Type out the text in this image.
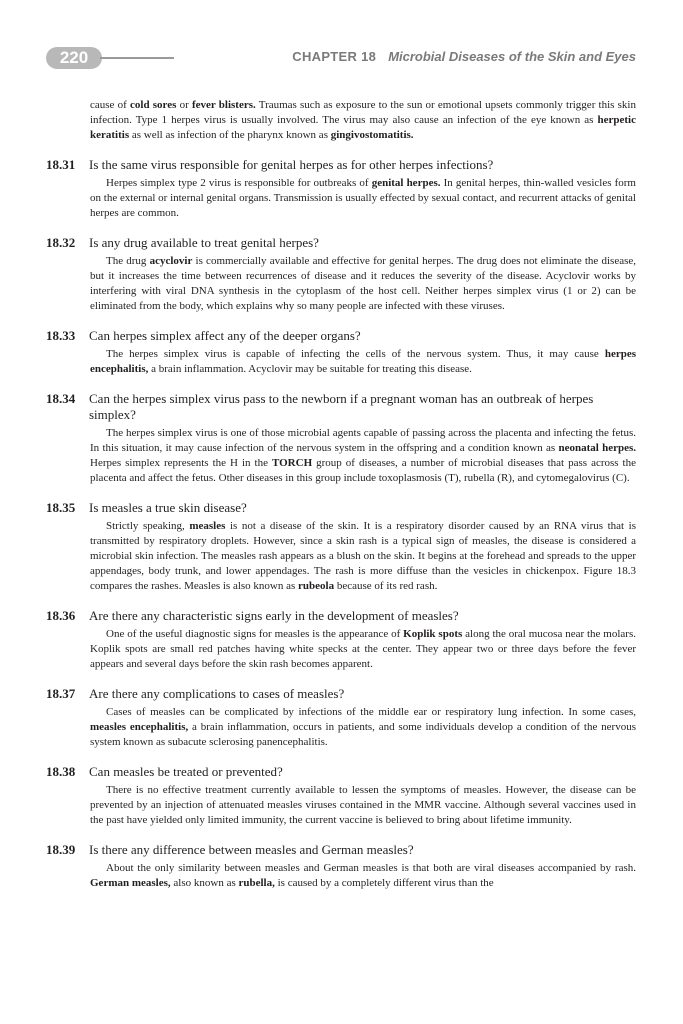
220	CHAPTER 18 Microbial Diseases of the Skin and Eyes

cause of cold sores or fever blisters. Traumas such as exposure to the sun or emotional upsets commonly trigger this skin infection. Type 1 herpes virus is usually involved. The virus may also cause an infection of the eye known as herpetic keratitis as well as infection of the pharynx known as gingivostomatitis.

18.31	Is the same virus responsible for genital herpes as for other herpes infections?

Herpes simplex type 2 virus is responsible for outbreaks of genital herpes. In genital herpes, thin-walled vesicles form on the external or internal genital organs. Transmission is usually effected by sexual contact, and recurrent attacks of genital herpes are common.

18.32	Is any drug available to treat genital herpes?

The drug acyclovir is commercially available and effective for genital herpes. The drug does not eliminate the disease, but it increases the time between recurrences of disease and it reduces the severity of the disease. Acyclovir works by interfering with viral DNA synthesis in the cytoplasm of the host cell. Neither herpes simplex virus (1 or 2) can be eliminated from the body, which explains why so many people are infected with these viruses.

18.33	Can herpes simplex affect any of the deeper organs?

The herpes simplex virus is capable of infecting the cells of the nervous system. Thus, it may cause herpes encephalitis, a brain inflammation. Acyclovir may be suitable for treating this disease.

18.34	Can the herpes simplex virus pass to the newborn if a pregnant woman has an outbreak of herpes simplex?

The herpes simplex virus is one of those microbial agents capable of passing across the placenta and infecting the fetus. In this situation, it may cause infection of the nervous system in the offspring and a condition known as neonatal herpes. Herpes simplex represents the H in the TORCH group of diseases, a number of microbial diseases that pass across the placenta and affect the fetus. Other diseases in this group include toxoplasmosis (T), rubella (R), and cytomegalovirus (C).

18.35	Is measles a true skin disease?

Strictly speaking, measles is not a disease of the skin. It is a respiratory disorder caused by an RNA virus that is transmitted by respiratory droplets. However, since a skin rash is a typical sign of measles, the disease is considered a microbial skin infection. The measles rash appears as a blush on the skin. It begins at the forehead and spreads to the upper appendages, body trunk, and lower appendages. The rash is more diffuse than the vesicles in chickenpox. Figure 18.3 compares the rashes. Measles is also known as rubeola because of its red rash.

18.36	Are there any characteristic signs early in the development of measles?

One of the useful diagnostic signs for measles is the appearance of Koplik spots along the oral mucosa near the molars. Koplik spots are small red patches having white specks at the center. They appear two or three days before the fever appears and several days before the skin rash becomes apparent.

18.37	Are there any complications to cases of measles?

Cases of measles can be complicated by infections of the middle ear or respiratory lung infection. In some cases, measles encephalitis, a brain inflammation, occurs in patients, and some individuals develop a condition of the nervous system known as subacute sclerosing panencephalitis.

18.38	Can measles be treated or prevented?

There is no effective treatment currently available to lessen the symptoms of measles. However, the disease can be prevented by an injection of attenuated measles viruses contained in the MMR vaccine. Although several vaccines used in the past have yielded only limited immunity, the current vaccine is believed to bring about lifetime immunity.

18.39	Is there any difference between measles and German measles?

About the only similarity between measles and German measles is that both are viral diseases accompanied by rash. German measles, also known as rubella, is caused by a completely different virus than the
